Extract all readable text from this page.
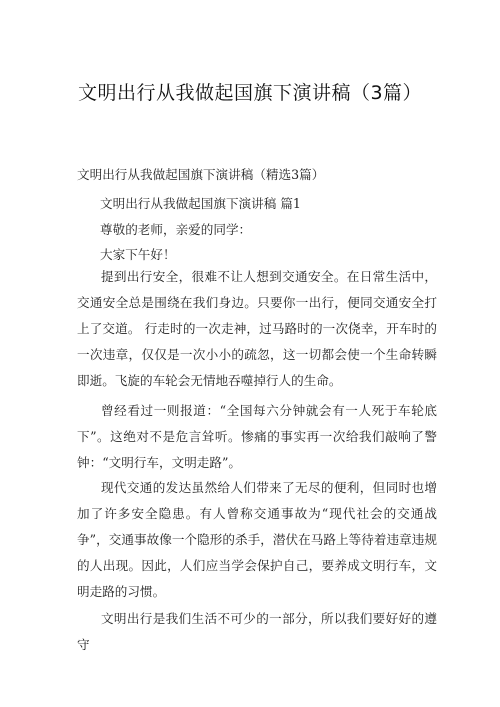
文明出行从我做起国旗下演讲稿（3篇）
文明出行从我做起国旗下演讲稿（精选3篇）
文明出行从我做起国旗下演讲稿 篇1
尊敬的老师，亲爱的同学：
大家下午好！
提到出行安全，很难不让人想到交通安全。在日常生活中，交通安全总是围绕在我们身边。只要你一出行，便同交通安全打上了交道。 行走时的一次走神，过马路时的一次侥幸，开车时的一次违章，仅仅是一次小小的疏忽，这一切都会使一个生命转瞬即逝。飞旋的车轮会无情地吞噬掉行人的生命。
曾经看过一则报道：“全国每六分钟就会有一人死于车轮底下”。这绝对不是危言耸听。惨痛的事实再一次给我们敲响了警钟：“文明行车，文明走路”。
现代交通的发达虽然给人们带来了无尽的便利，但同时也增加了许多安全隐患。有人曾称交通事故为“现代社会的交通战争”，交通事故像一个隐形的杀手，潜伏在马路上等待着违章违规的人出现。因此，人们应当学会保护自己，要养成文明行车，文明走路的习惯。
文明出行是我们生活不可少的一部分，所以我们要好好的遵守
